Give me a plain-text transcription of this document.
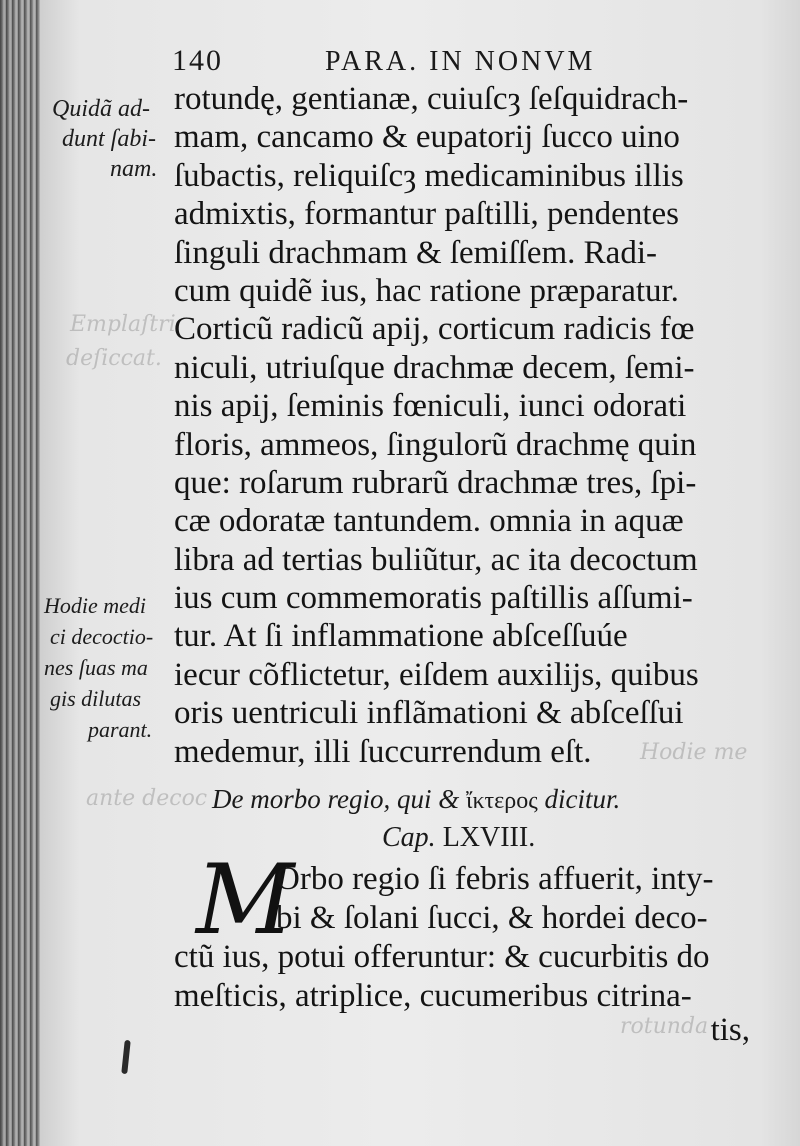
Emplaſtri
deſiccat.
Hodie me
ante decoc
rotunda
140	PARA. IN NONVM
Quidã ad-
dunt ſabi-
nam.
Hodie medi
ci decoctio-
nes ſuas ma
gis dilutas
parant.
rotundę, gentianæ, cuiuſcȝ ſeſquidrach-
mam, cancamo & eupatorij ſucco uino
ſubactis, reliquiſcȝ medicaminibus illis
admixtis, formantur paſtilli, pendentes
ſinguli drachmam & ſemiſſem. Radi-
cum quidẽ ius, hac ratione præparatur.
Corticũ radicũ apij, corticum radicis fœ
niculi, utriuſque drachmæ decem, ſemi-
nis apij, ſeminis fœniculi, iunci odorati
floris, ammeos, ſingulorũ drachmę quin
que: roſarum rubrarũ drachmæ tres, ſpi-
cæ odoratæ tantundem. omnia in aquæ
libra ad tertias buliũtur, ac ita decoctum
ius cum commemoratis paſtillis aſſumi-
tur. At ſi inflammatione abſceſſuúe
iecur cõflictetur, eiſdem auxilijs, quibus
oris uentriculi inflãmationi & abſceſſui
medemur, illi ſuccurrendum eſt.
De morbo regio, qui & ἴκτερος dicitur.
Cap. LXVIII.
M
Orbo regio ſi febris affuerit, inty-
bi & ſolani ſucci, & hordei deco-
ctũ ius, potui offeruntur: & cucurbitis do
meſticis, atriplice, cucumeribus citrina-
tis,
